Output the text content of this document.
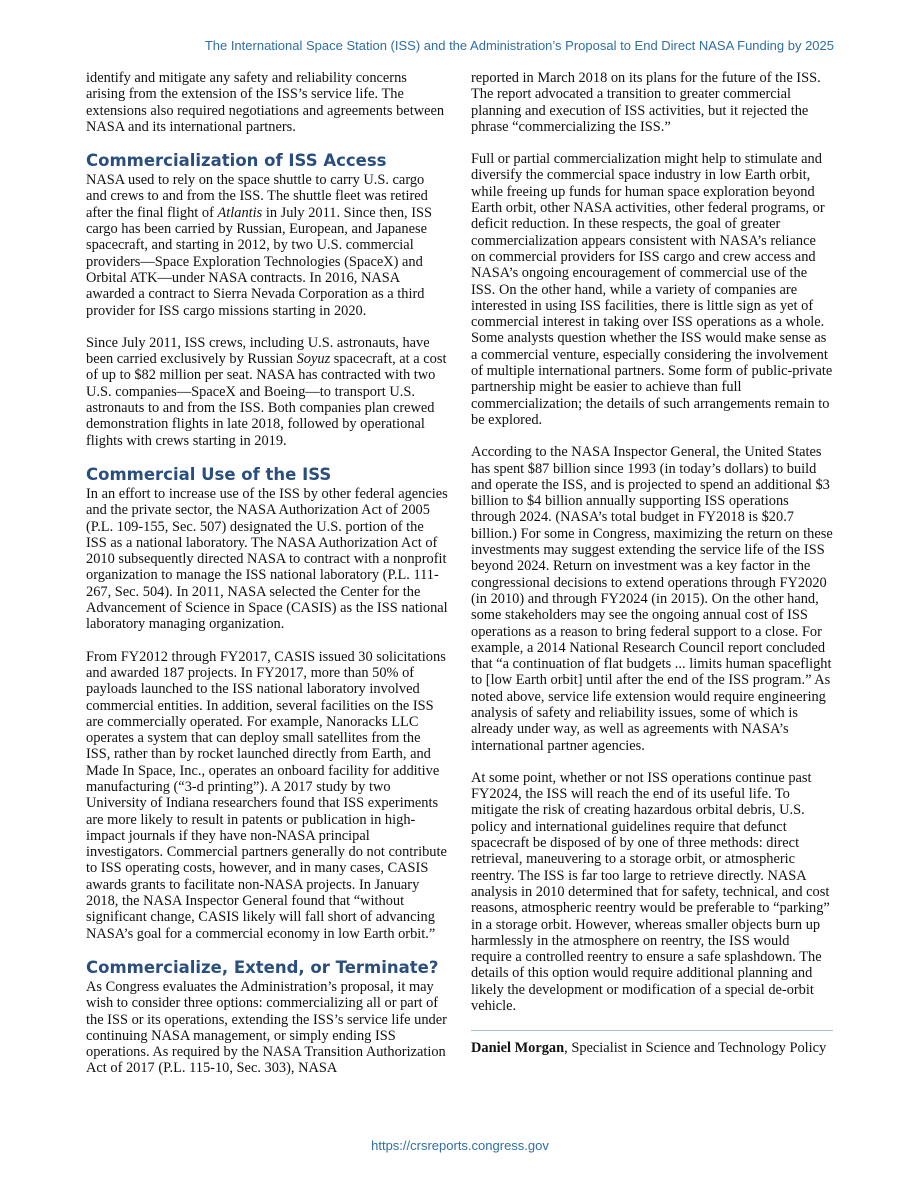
The International Space Station (ISS) and the Administration’s Proposal to End Direct NASA Funding by 2025

identify and mitigate any safety and reliability concerns arising from the extension of the ISS’s service life. The extensions also required negotiations and agreements between NASA and its international partners.

Commercialization of ISS Access

NASA used to rely on the space shuttle to carry U.S. cargo and crews to and from the ISS. The shuttle fleet was retired after the final flight of Atlantis in July 2011. Since then, ISS cargo has been carried by Russian, European, and Japanese spacecraft, and starting in 2012, by two U.S. commercial providers—Space Exploration Technologies (SpaceX) and Orbital ATK—under NASA contracts. In 2016, NASA awarded a contract to Sierra Nevada Corporation as a third provider for ISS cargo missions starting in 2020.

Since July 2011, ISS crews, including U.S. astronauts, have been carried exclusively by Russian Soyuz spacecraft, at a cost of up to $82 million per seat. NASA has contracted with two U.S. companies—SpaceX and Boeing—to transport U.S. astronauts to and from the ISS. Both companies plan crewed demonstration flights in late 2018, followed by operational flights with crews starting in 2019.

Commercial Use of the ISS

In an effort to increase use of the ISS by other federal agencies and the private sector, the NASA Authorization Act of 2005 (P.L. 109-155, Sec. 507) designated the U.S. portion of the ISS as a national laboratory. The NASA Authorization Act of 2010 subsequently directed NASA to contract with a nonprofit organization to manage the ISS national laboratory (P.L. 111-267, Sec. 504). In 2011, NASA selected the Center for the Advancement of Science in Space (CASIS) as the ISS national laboratory managing organization.

From FY2012 through FY2017, CASIS issued 30 solicitations and awarded 187 projects. In FY2017, more than 50% of payloads launched to the ISS national laboratory involved commercial entities. In addition, several facilities on the ISS are commercially operated. For example, Nanoracks LLC operates a system that can deploy small satellites from the ISS, rather than by rocket launched directly from Earth, and Made In Space, Inc., operates an onboard facility for additive manufacturing (“3-d printing”). A 2017 study by two University of Indiana researchers found that ISS experiments are more likely to result in patents or publication in high-impact journals if they have non-NASA principal investigators. Commercial partners generally do not contribute to ISS operating costs, however, and in many cases, CASIS awards grants to facilitate non-NASA projects. In January 2018, the NASA Inspector General found that “without significant change, CASIS likely will fall short of advancing NASA’s goal for a commercial economy in low Earth orbit.”

Commercialize, Extend, or Terminate?

As Congress evaluates the Administration’s proposal, it may wish to consider three options: commercializing all or part of the ISS or its operations, extending the ISS’s service life under continuing NASA management, or simply ending ISS operations. As required by the NASA Transition Authorization Act of 2017 (P.L. 115-10, Sec. 303), NASA

reported in March 2018 on its plans for the future of the ISS. The report advocated a transition to greater commercial planning and execution of ISS activities, but it rejected the phrase “commercializing the ISS.”

Full or partial commercialization might help to stimulate and diversify the commercial space industry in low Earth orbit, while freeing up funds for human space exploration beyond Earth orbit, other NASA activities, other federal programs, or deficit reduction. In these respects, the goal of greater commercialization appears consistent with NASA’s reliance on commercial providers for ISS cargo and crew access and NASA’s ongoing encouragement of commercial use of the ISS. On the other hand, while a variety of companies are interested in using ISS facilities, there is little sign as yet of commercial interest in taking over ISS operations as a whole. Some analysts question whether the ISS would make sense as a commercial venture, especially considering the involvement of multiple international partners. Some form of public-private partnership might be easier to achieve than full commercialization; the details of such arrangements remain to be explored.

According to the NASA Inspector General, the United States has spent $87 billion since 1993 (in today’s dollars) to build and operate the ISS, and is projected to spend an additional $3 billion to $4 billion annually supporting ISS operations through 2024. (NASA’s total budget in FY2018 is $20.7 billion.) For some in Congress, maximizing the return on these investments may suggest extending the service life of the ISS beyond 2024. Return on investment was a key factor in the congressional decisions to extend operations through FY2020 (in 2010) and through FY2024 (in 2015). On the other hand, some stakeholders may see the ongoing annual cost of ISS operations as a reason to bring federal support to a close. For example, a 2014 National Research Council report concluded that “a continuation of flat budgets ... limits human spaceflight to [low Earth orbit] until after the end of the ISS program.” As noted above, service life extension would require engineering analysis of safety and reliability issues, some of which is already under way, as well as agreements with NASA’s international partner agencies.

At some point, whether or not ISS operations continue past FY2024, the ISS will reach the end of its useful life. To mitigate the risk of creating hazardous orbital debris, U.S. policy and international guidelines require that defunct spacecraft be disposed of by one of three methods: direct retrieval, maneuvering to a storage orbit, or atmospheric reentry. The ISS is far too large to retrieve directly. NASA analysis in 2010 determined that for safety, technical, and cost reasons, atmospheric reentry would be preferable to “parking” in a storage orbit. However, whereas smaller objects burn up harmlessly in the atmosphere on reentry, the ISS would require a controlled reentry to ensure a safe splashdown. The details of this option would require additional planning and likely the development or modification of a special de-orbit vehicle.

Daniel Morgan, Specialist in Science and Technology Policy

https://crsreports.congress.gov
